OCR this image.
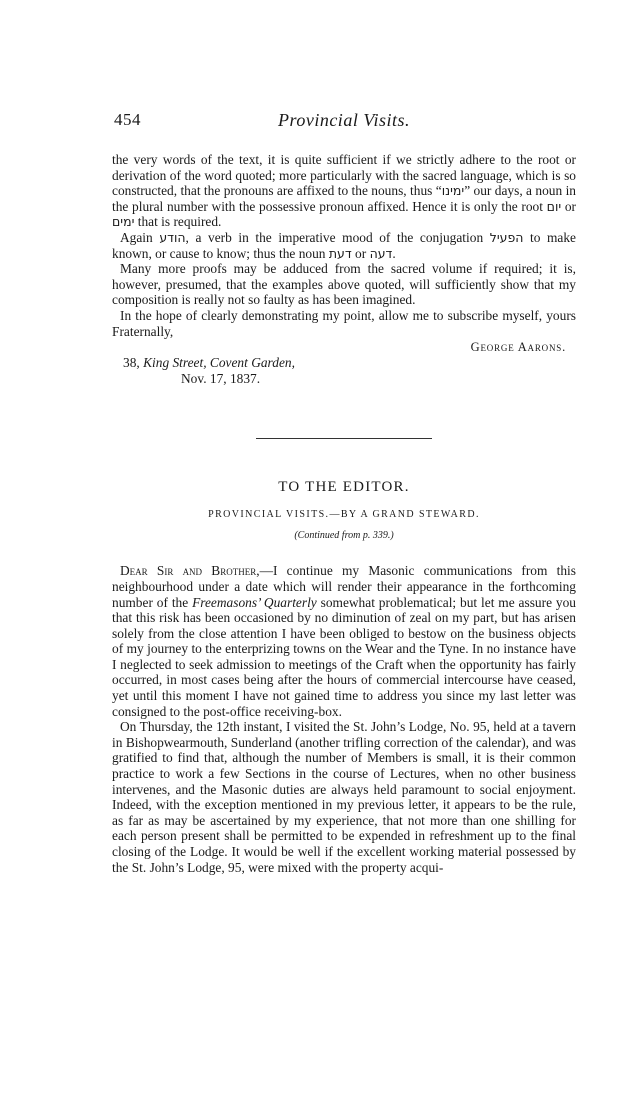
454	Provincial Visits.

the very words of the text, it is quite sufficient if we strictly adhere to the root or derivation of the word quoted; more particularly with the sacred language, which is so constructed, that the pronouns are affixed to the nouns, thus “ימינו” our days, a noun in the plural number with the possessive pronoun affixed. Hence it is only the root יום or ימים that is required.

Again הודע, a verb in the imperative mood of the conjugation הפעיל to make known, or cause to know; thus the noun דעת or דעה.

Many more proofs may be adduced from the sacred volume if required; it is, however, presumed, that the examples above quoted, will sufficiently show that my composition is really not so faulty as has been imagined.

In the hope of clearly demonstrating my point, allow me to subscribe myself, yours Fraternally,

George Aarons.
38, King Street, Covent Garden,
Nov. 17, 1837.
TO THE EDITOR.
PROVINCIAL VISITS.—BY A GRAND STEWARD.
(Continued from p. 339.)

Dear Sir and Brother,—I continue my Masonic communications from this neighbourhood under a date which will render their appearance in the forthcoming number of the Freemasons’ Quarterly somewhat problematical; but let me assure you that this risk has been occasioned by no diminution of zeal on my part, but has arisen solely from the close attention I have been obliged to bestow on the business objects of my journey to the enterprizing towns on the Wear and the Tyne. In no instance have I neglected to seek admission to meetings of the Craft when the opportunity has fairly occurred, in most cases being after the hours of commercial intercourse have ceased, yet until this moment I have not gained time to address you since my last letter was consigned to the post-office receiving-box.

On Thursday, the 12th instant, I visited the St. John’s Lodge, No. 95, held at a tavern in Bishopwearmouth, Sunderland (another trifling correction of the calendar), and was gratified to find that, although the number of Members is small, it is their common practice to work a few Sections in the course of Lectures, when no other business intervenes, and the Masonic duties are always held paramount to social enjoyment. Indeed, with the exception mentioned in my previous letter, it appears to be the rule, as far as may be ascertained by my experience, that not more than one shilling for each person present shall be permitted to be expended in refreshment up to the final closing of the Lodge. It would be well if the excellent working material possessed by the St. John’s Lodge, 95, were mixed with the property acqui-
